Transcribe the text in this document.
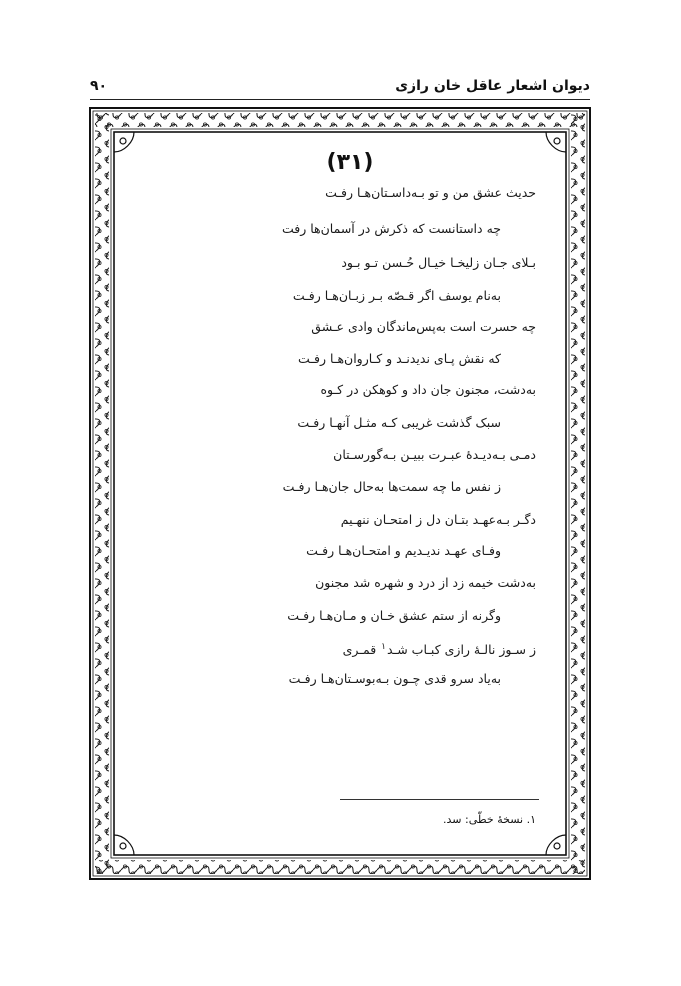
دیوان اشعار عاقل خان رازی
۹۰
(۳۱)
حدیث عشق من و تو بـه‌داسـتان‌هـا رفـت
چه داستانست که ذکرش در آسمان‌ها رفت
بـلای جـان زلیخـا خیـال حُـسن تـو بـود
به‌نام یوسف اگر قـصّه بـر زبـان‌هـا رفـت
چه حسرت است به‌پس‌ماندگان وادی عـشق
که نقش پـای ندیدنـد و کـاروان‌هـا رفـت
به‌دشت، مجنون جان داد و کوهکن در کـوه
سبک گذشت غریبی کـه مثـل آنهـا رفـت
دمـی بـه‌دیـدۀ عبـرت ببیـن بـه‌گورسـتان
ز نفس ما چه سمت‌ها به‌حال جان‌هـا رفـت
دگـر بـه‌عهـد بتـان دل ز امتحـان ننهـیم
وفـای عهـد ندیـدیم و امتحـان‌هـا رفـت
به‌دشت خیمه زد از درد و شهره شد مجنون
وگرنه از ستم عشق خـان و مـان‌هـا رفـت
ز سـوز نالـۀ رازی کبـاب شـد$^۱$ قمـری
به‌یاد سرو قدی چـون بـه‌بوسـتان‌هـا رفـت
۱. نسخۀ خطّی: سد.
